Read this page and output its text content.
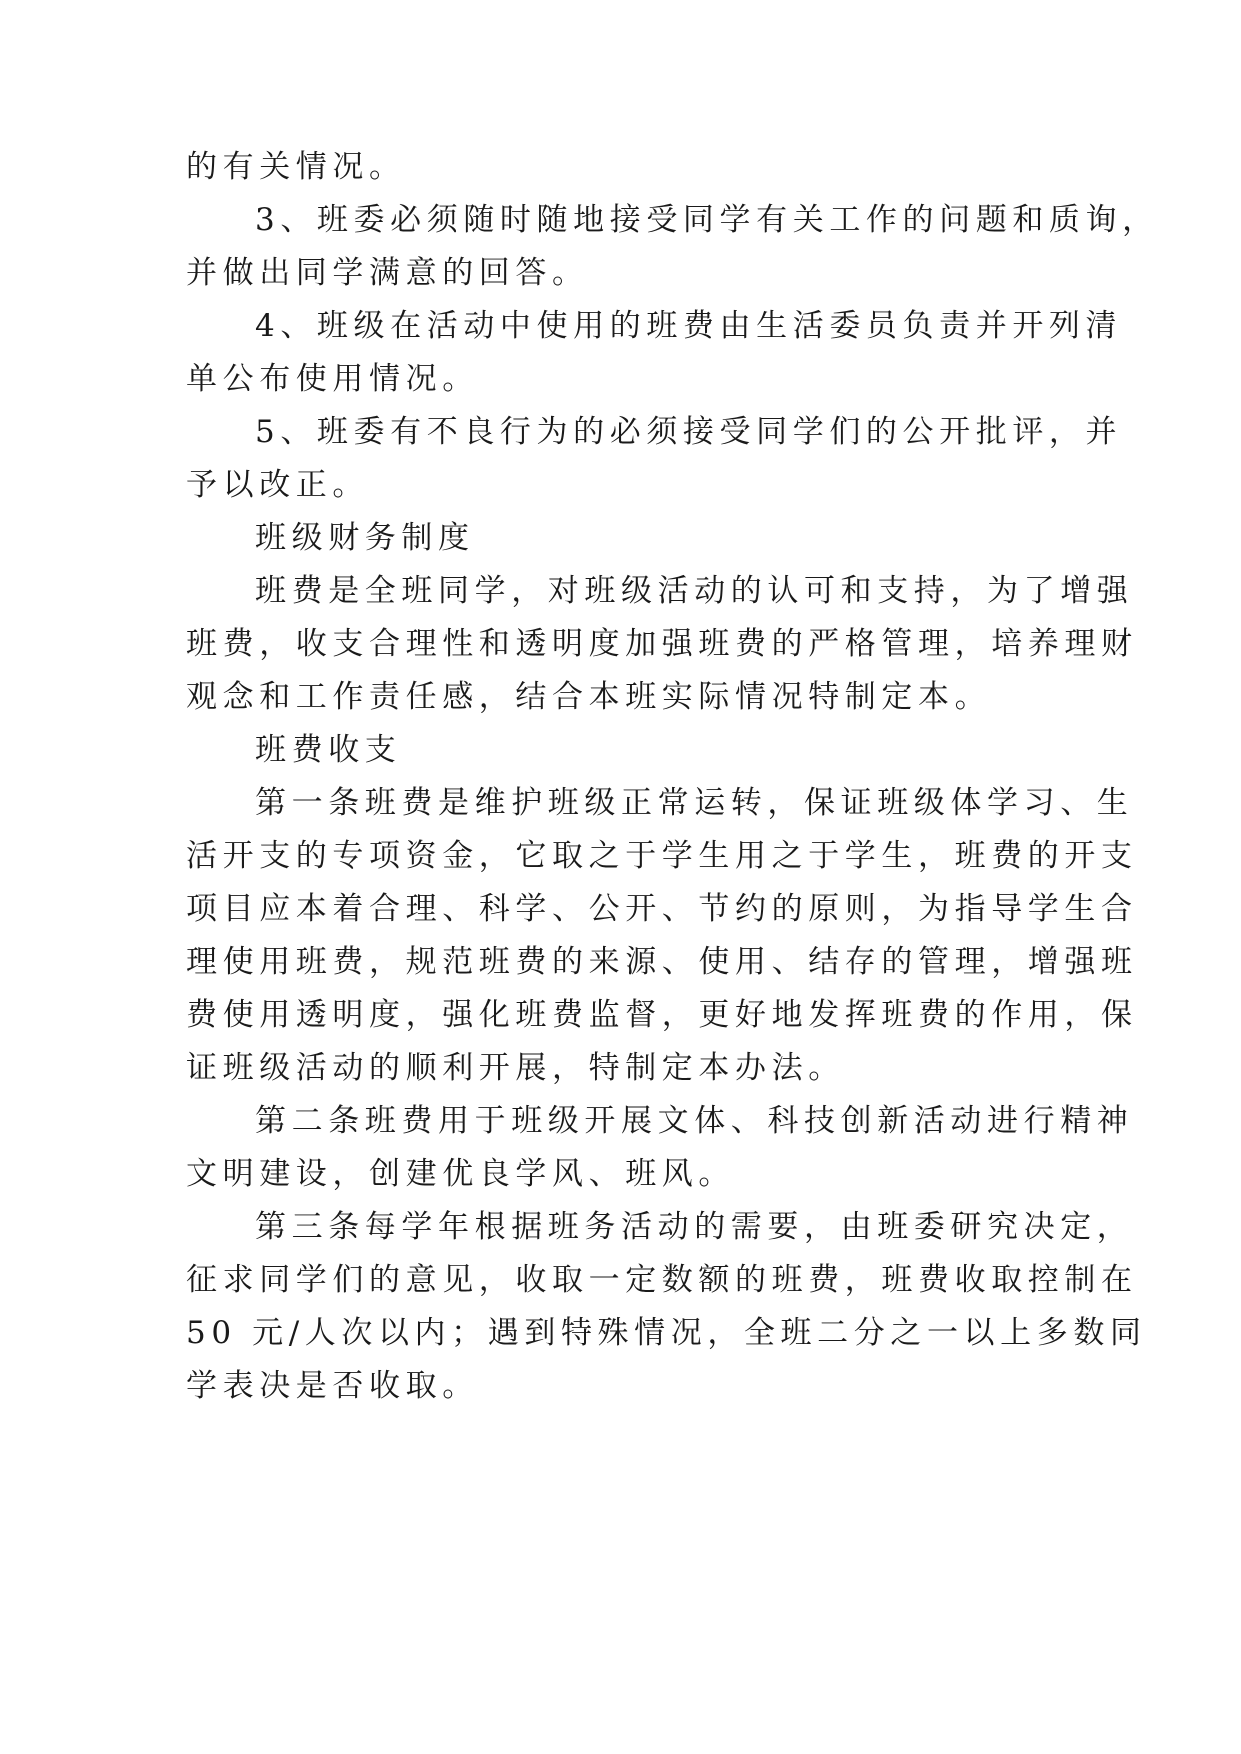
的有关情况。
3、班委必须随时随地接受同学有关工作的问题和质询，
并做出同学满意的回答。
4、班级在活动中使用的班费由生活委员负责并开列清
单公布使用情况。
5、班委有不良行为的必须接受同学们的公开批评，并
予以改正。
班级财务制度
班费是全班同学，对班级活动的认可和支持，为了增强
班费，收支合理性和透明度加强班费的严格管理，培养理财
观念和工作责任感，结合本班实际情况特制定本。
班费收支
第一条班费是维护班级正常运转，保证班级体学习、生
活开支的专项资金，它取之于学生用之于学生，班费的开支
项目应本着合理、科学、公开、节约的原则，为指导学生合
理使用班费，规范班费的来源、使用、结存的管理，增强班
费使用透明度，强化班费监督，更好地发挥班费的作用，保
证班级活动的顺利开展，特制定本办法。
第二条班费用于班级开展文体、科技创新活动进行精神
文明建设，创建优良学风、班风。
第三条每学年根据班务活动的需要，由班委研究决定，
征求同学们的意见，收取一定数额的班费，班费收取控制在
50 元/人次以内；遇到特殊情况，全班二分之一以上多数同
学表决是否收取。
